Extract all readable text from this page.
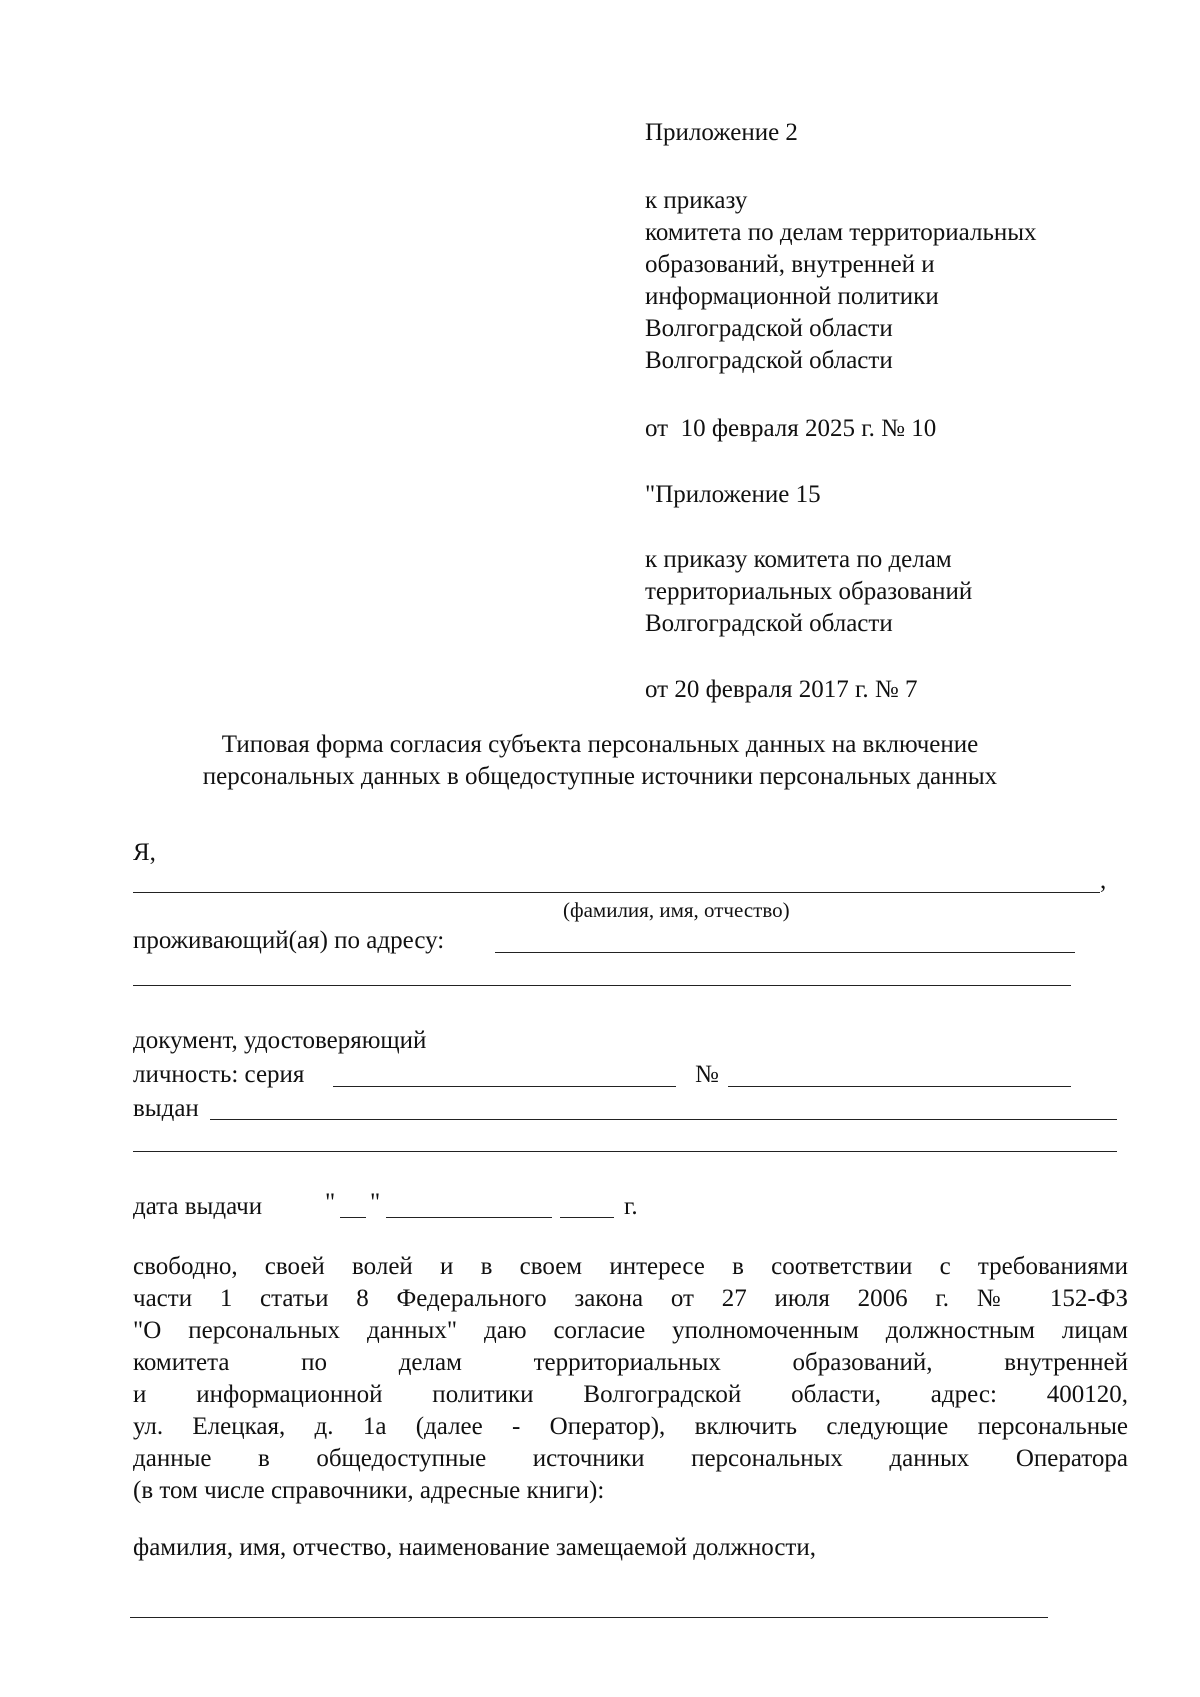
Приложение 2
к приказу
комитета по делам территориальных
образований, внутренней и
информационной политики
Волгоградской области
Волгоградской области
от  10 февраля 2025 г. № 10
"Приложение 15
к приказу комитета по делам
территориальных образований
Волгоградской области
от 20 февраля 2017 г. № 7
Типовая форма согласия субъекта персональных данных на включение
персональных данных в общедоступные источники персональных данных
Я,
,
(фамилия, имя, отчество)
проживающий(ая) по адресу:
документ, удостоверяющий
личность: серия	№
выдан
дата выдачи	" "	г.
свободно, своей волей и в своем интересе в соответствии с требованиями
части 1 статьи 8 Федерального закона от 27 июля 2006 г. № 152-ФЗ
"О персональных данных" даю согласие уполномоченным должностным лицам
комитета по делам территориальных образований, внутренней
и информационной политики Волгоградской области, адрес: 400120,
ул. Елецкая, д. 1а (далее - Оператор), включить следующие персональные
данные в общедоступные источники персональных данных Оператора
(в том числе справочники, адресные книги):
фамилия, имя, отчество, наименование замещаемой должности,
